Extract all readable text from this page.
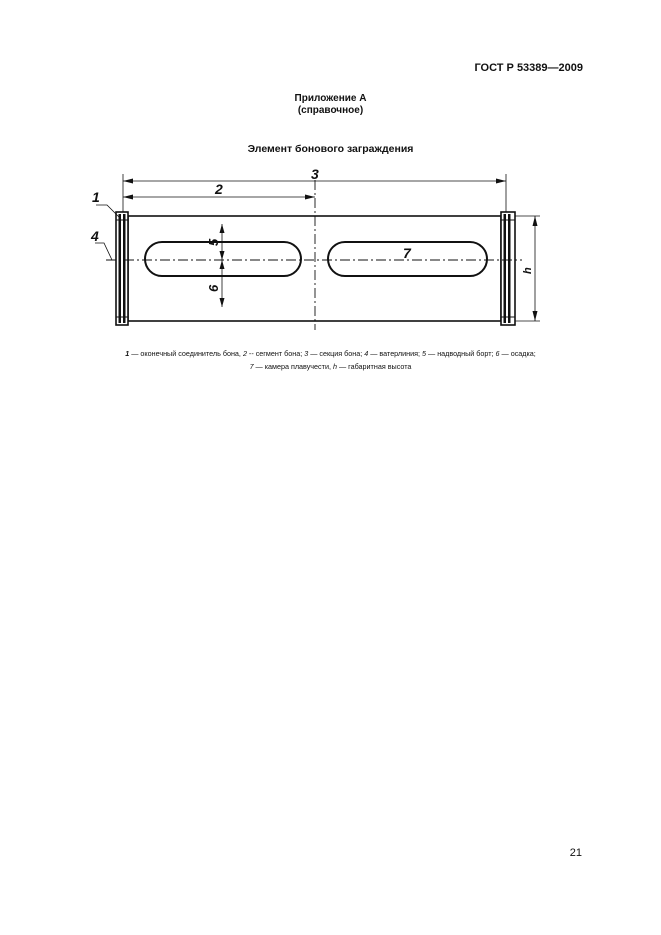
ГОСТ Р 53389—2009
Приложение А
(справочное)
Элемент бонового заграждения
1	2
3
4	5
6
7
h
1 — оконечный соединитель бона, 2 -- сегмент бона; 3 — секция бона; 4 — ватерлиния; 5 — надводный борт; 6 — осадка;
7 — камера плавучести, h — габаритная высота
21
